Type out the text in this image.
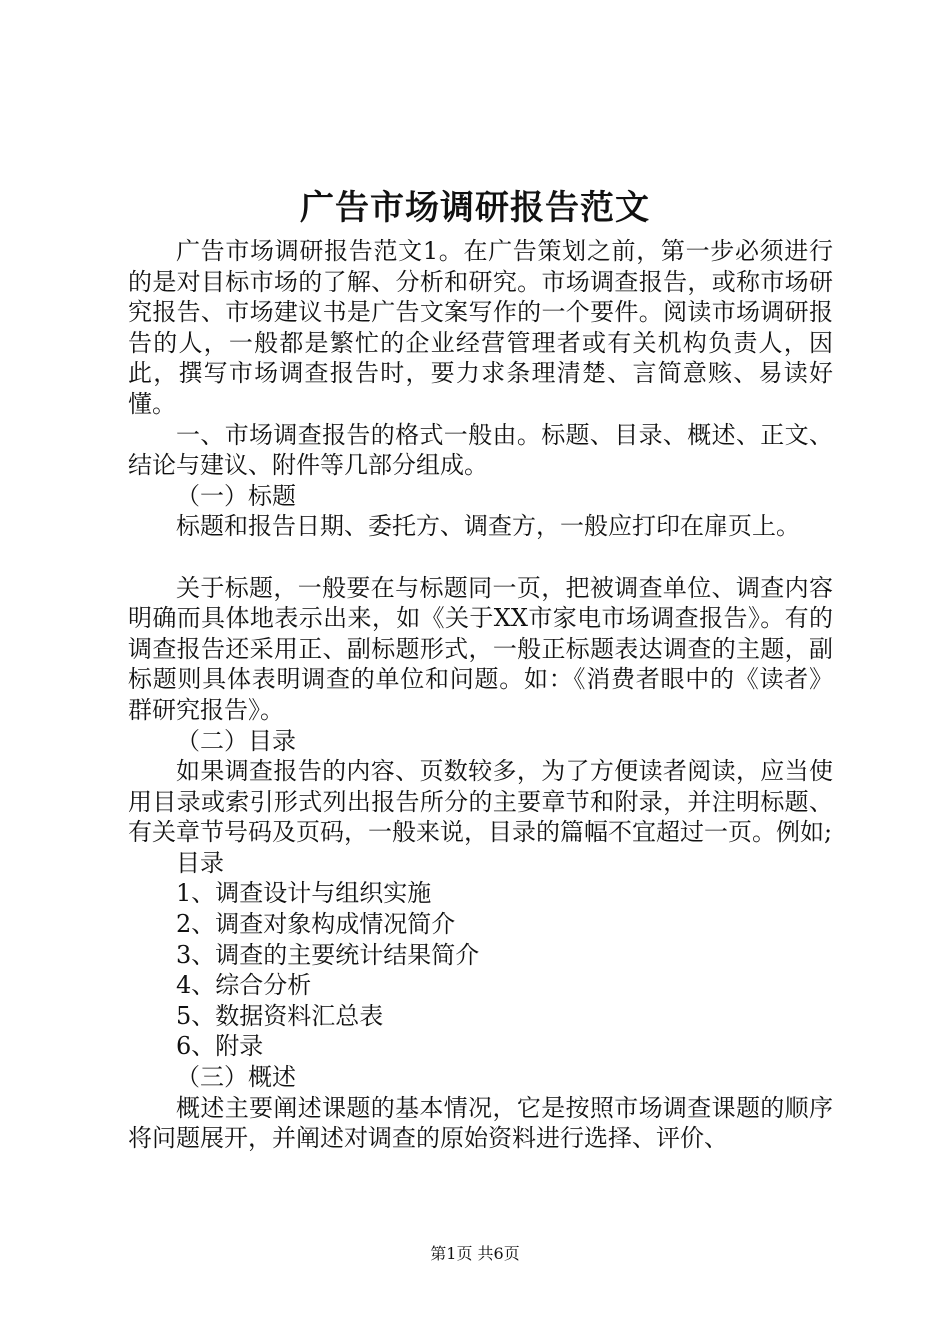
广告市场调研报告范文

广告市场调研报告范文1。在广告策划之前，第一步必须进行的是对目标市场的了解、分析和研究。市场调查报告，或称市场研究报告、市场建议书是广告文案写作的一个要件。阅读市场调研报告的人，一般都是繁忙的企业经营管理者或有关机构负责人，因此，撰写市场调查报告时，要力求条理清楚、言简意赅、易读好懂。

一、市场调查报告的格式一般由。标题、目录、概述、正文、结论与建议、附件等几部分组成。

（一）标题

标题和报告日期、委托方、调查方，一般应打印在扉页上。

关于标题，一般要在与标题同一页，把被调查单位、调查内容明确而具体地表示出来，如《关于XX市家电市场调查报告》。有的调查报告还采用正、副标题形式，一般正标题表达调查的主题，副标题则具体表明调查的单位和问题。如：《消费者眼中的《读者》群研究报告》。

（二）目录

如果调查报告的内容、页数较多，为了方便读者阅读，应当使用目录或索引形式列出报告所分的主要章节和附录，并注明标题、有关章节号码及页码，一般来说，目录的篇幅不宜超过一页。例如;

目录

1、调查设计与组织实施

2、调查对象构成情况简介

3、调查的主要统计结果简介

4、综合分析

5、数据资料汇总表

6、附录

（三）概述

概述主要阐述课题的基本情况，它是按照市场调查课题的顺序将问题展开，并阐述对调查的原始资料进行选择、评价、

第1页 共6页
